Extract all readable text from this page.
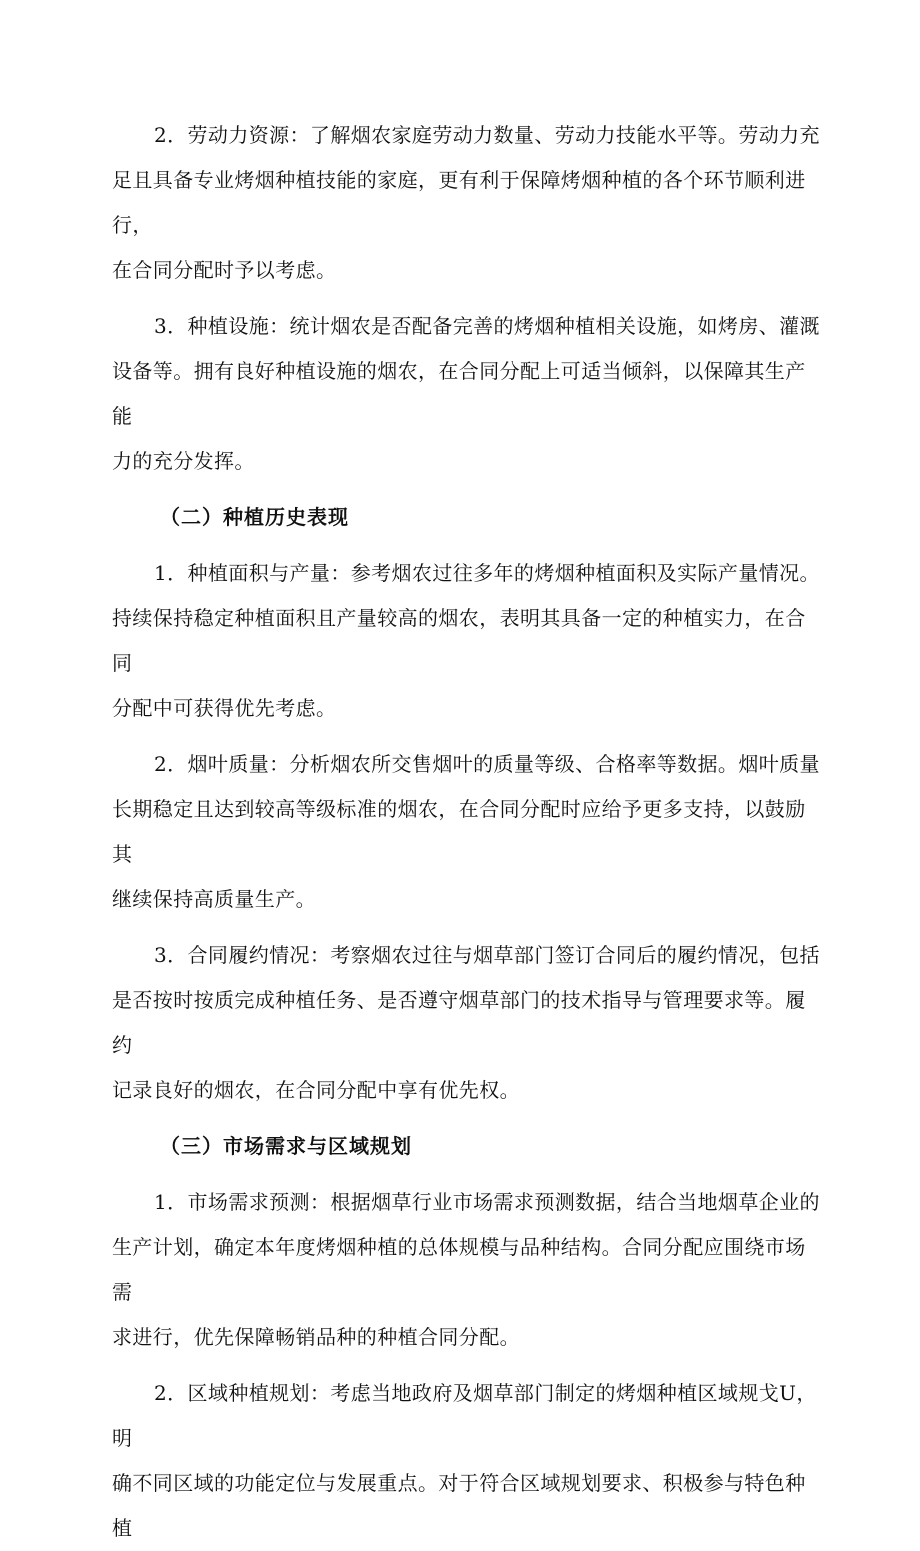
2．劳动力资源：了解烟农家庭劳动力数量、劳动力技能水平等。劳动力充
足且具备专业烤烟种植技能的家庭，更有利于保障烤烟种植的各个环节顺利进行，
在合同分配时予以考虑。

3．种植设施：统计烟农是否配备完善的烤烟种植相关设施，如烤房、灌溉
设备等。拥有良好种植设施的烟农，在合同分配上可适当倾斜，以保障其生产能
力的充分发挥。

（二）种植历史表现

1．种植面积与产量：参考烟农过往多年的烤烟种植面积及实际产量情况。
持续保持稳定种植面积且产量较高的烟农，表明其具备一定的种植实力，在合同
分配中可获得优先考虑。

2．烟叶质量：分析烟农所交售烟叶的质量等级、合格率等数据。烟叶质量
长期稳定且达到较高等级标准的烟农，在合同分配时应给予更多支持，以鼓励其
继续保持高质量生产。

3．合同履约情况：考察烟农过往与烟草部门签订合同后的履约情况，包括
是否按时按质完成种植任务、是否遵守烟草部门的技术指导与管理要求等。履约
记录良好的烟农，在合同分配中享有优先权。

（三）市场需求与区域规划

1．市场需求预测：根据烟草行业市场需求预测数据，结合当地烟草企业的
生产计划，确定本年度烤烟种植的总体规模与品种结构。合同分配应围绕市场需
求进行，优先保障畅销品种的种植合同分配。

2．区域种植规划：考虑当地政府及烟草部门制定的烤烟种植区域规戈U，明
确不同区域的功能定位与发展重点。对于符合区域规划要求、积极参与特色种植
